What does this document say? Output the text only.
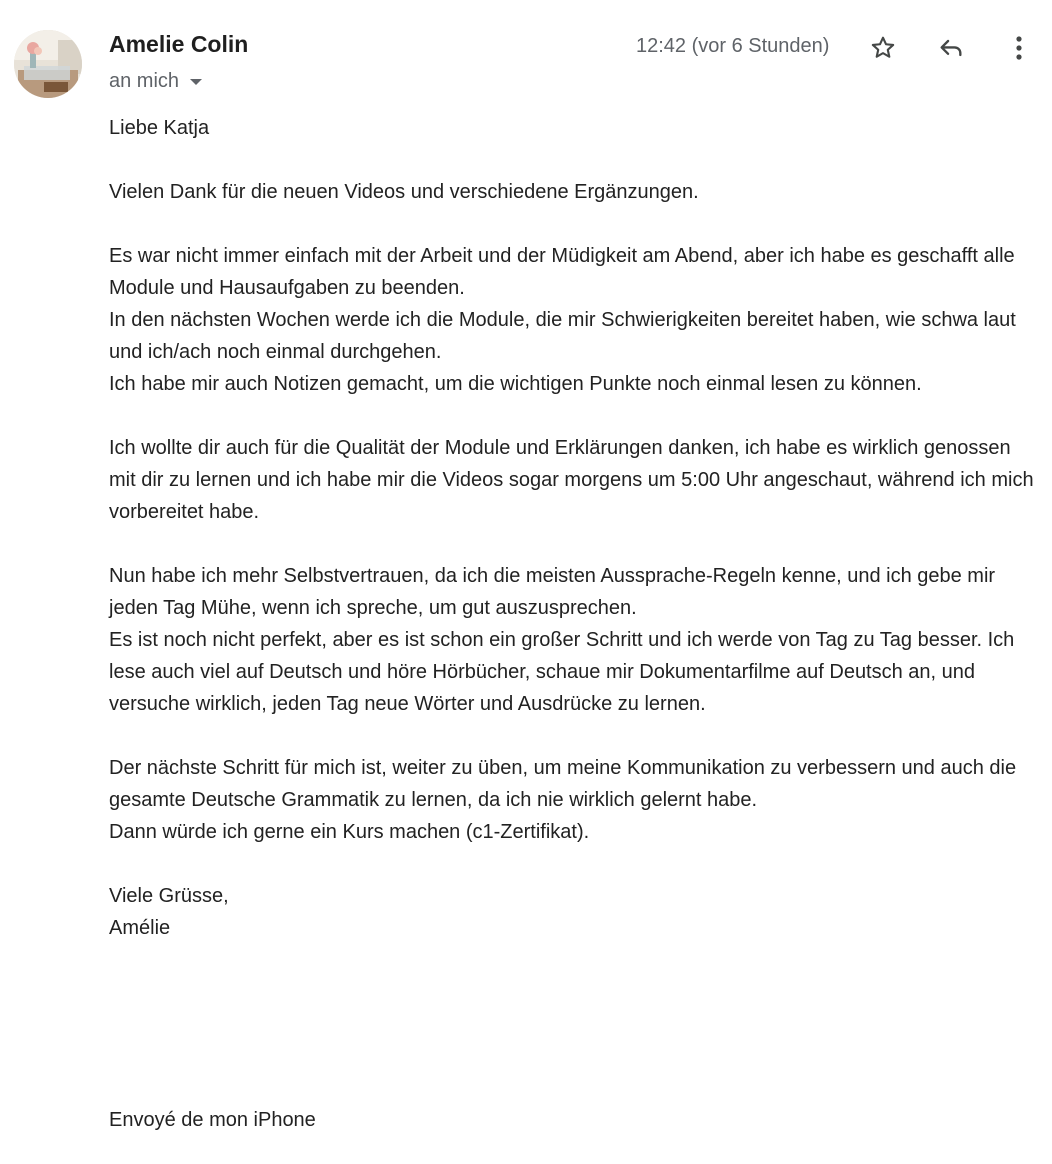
Amelie Colin
an mich
12:42 (vor 6 Stunden)

Liebe Katja

Vielen Dank für die neuen Videos und verschiedene Ergänzungen.

Es war nicht immer einfach mit der Arbeit und der Müdigkeit am Abend, aber ich habe es geschafft alle Module und Hausaufgaben zu beenden.

In den nächsten Wochen werde ich die Module, die mir Schwierigkeiten bereitet haben, wie schwa laut und ich/ach noch einmal durchgehen.

Ich habe mir auch Notizen gemacht, um die wichtigen Punkte noch einmal lesen zu können.

Ich wollte dir auch für die Qualität der Module und Erklärungen danken, ich habe es wirklich genossen mit dir zu lernen und ich habe mir die Videos sogar morgens um 5:00 Uhr angeschaut, während ich mich vorbereitet habe.

Nun habe ich mehr Selbstvertrauen, da ich die meisten Aussprache-Regeln kenne, und ich gebe mir jeden Tag Mühe, wenn ich spreche, um gut auszusprechen.

Es ist noch nicht perfekt, aber es ist schon ein großer Schritt und ich werde von Tag zu Tag besser. Ich lese auch viel auf Deutsch und höre Hörbücher, schaue mir Dokumentarfilme auf Deutsch an, und versuche wirklich, jeden Tag neue Wörter und Ausdrücke zu lernen.

Der nächste Schritt für mich ist, weiter zu üben, um meine Kommunikation zu verbessern und auch die gesamte Deutsche Grammatik zu lernen, da ich nie wirklich gelernt habe.

Dann würde ich gerne ein Kurs machen (c1-Zertifikat).

Viele Grüsse,

Amélie

Envoyé de mon iPhone
